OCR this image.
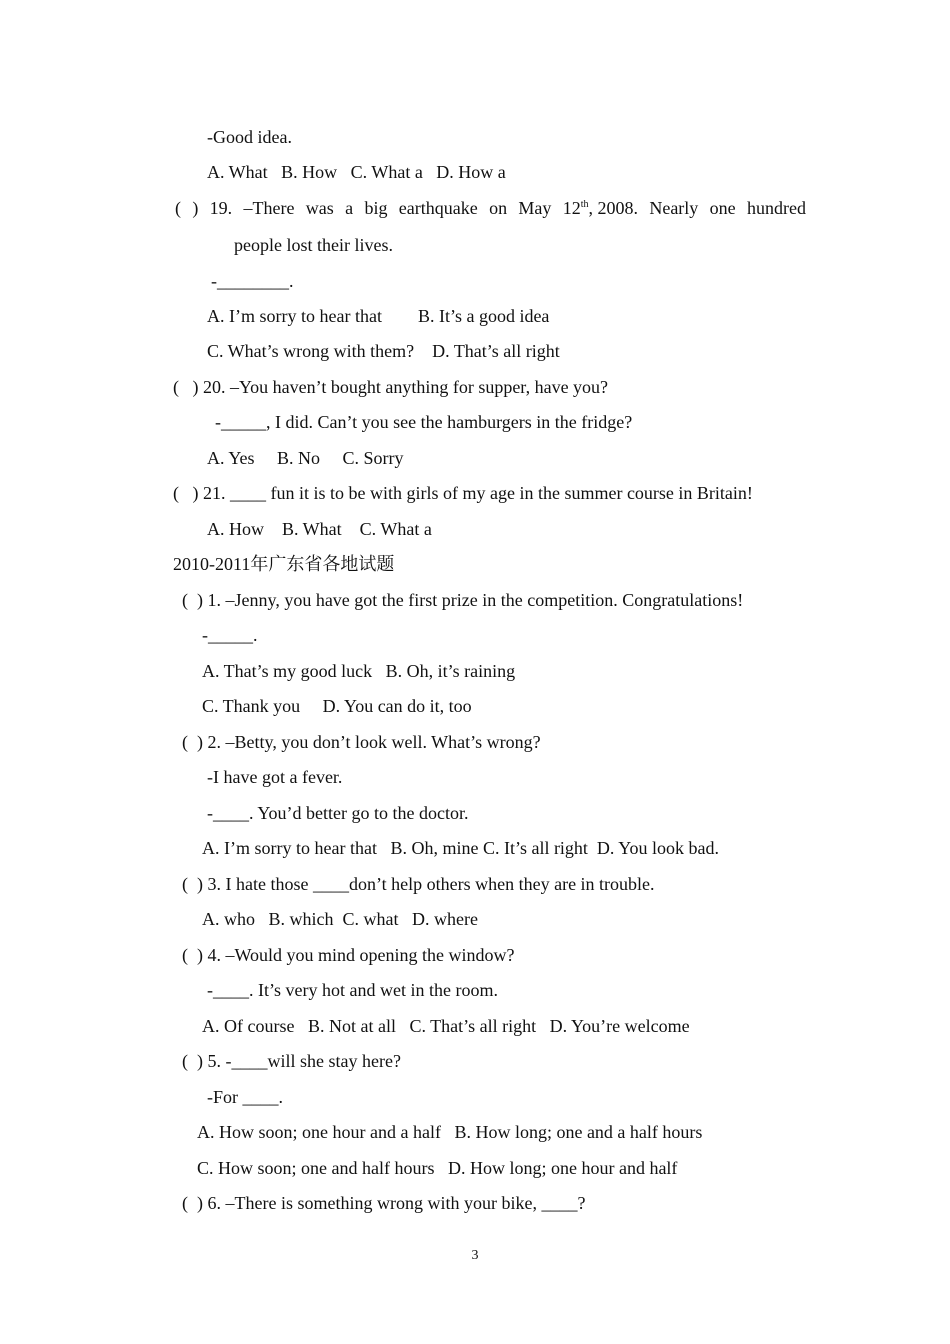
-Good idea.
A. What   B. How   C. What a   D. How a
( ) 19. –There was a big earthquake on May 12th, 2008. Nearly one hundred
people lost their lives.
-________.
A. I’m sorry to hear that        B. It’s a good idea
C. What’s wrong with them?    D. That’s all right
(   ) 20. –You haven’t bought anything for supper, have you?
-_____, I did. Can’t you see the hamburgers in the fridge?
A. Yes     B. No     C. Sorry
(   ) 21. ____ fun it is to be with girls of my age in the summer course in Britain!
A. How    B. What    C. What a
2010-2011年广东省各地试题
(  ) 1. –Jenny, you have got the first prize in the competition. Congratulations!
-_____.
A. That’s my good luck   B. Oh, it’s raining
C. Thank you     D. You can do it, too
(  ) 2. –Betty, you don’t look well. What’s wrong?
-I have got a fever.
-____. You’d better go to the doctor.
A. I’m sorry to hear that   B. Oh, mine C. It’s all right  D. You look bad.
(  ) 3. I hate those ____don’t help others when they are in trouble.
A. who   B. which  C. what   D. where
(  ) 4. –Would you mind opening the window?
-____. It’s very hot and wet in the room.
A. Of course   B. Not at all   C. That’s all right   D. You’re welcome
(  ) 5. -____will she stay here?
-For ____.
A. How soon; one hour and a half   B. How long; one and a half hours
C. How soon; one and half hours   D. How long; one hour and half
(  ) 6. –There is something wrong with your bike, ____?
3
